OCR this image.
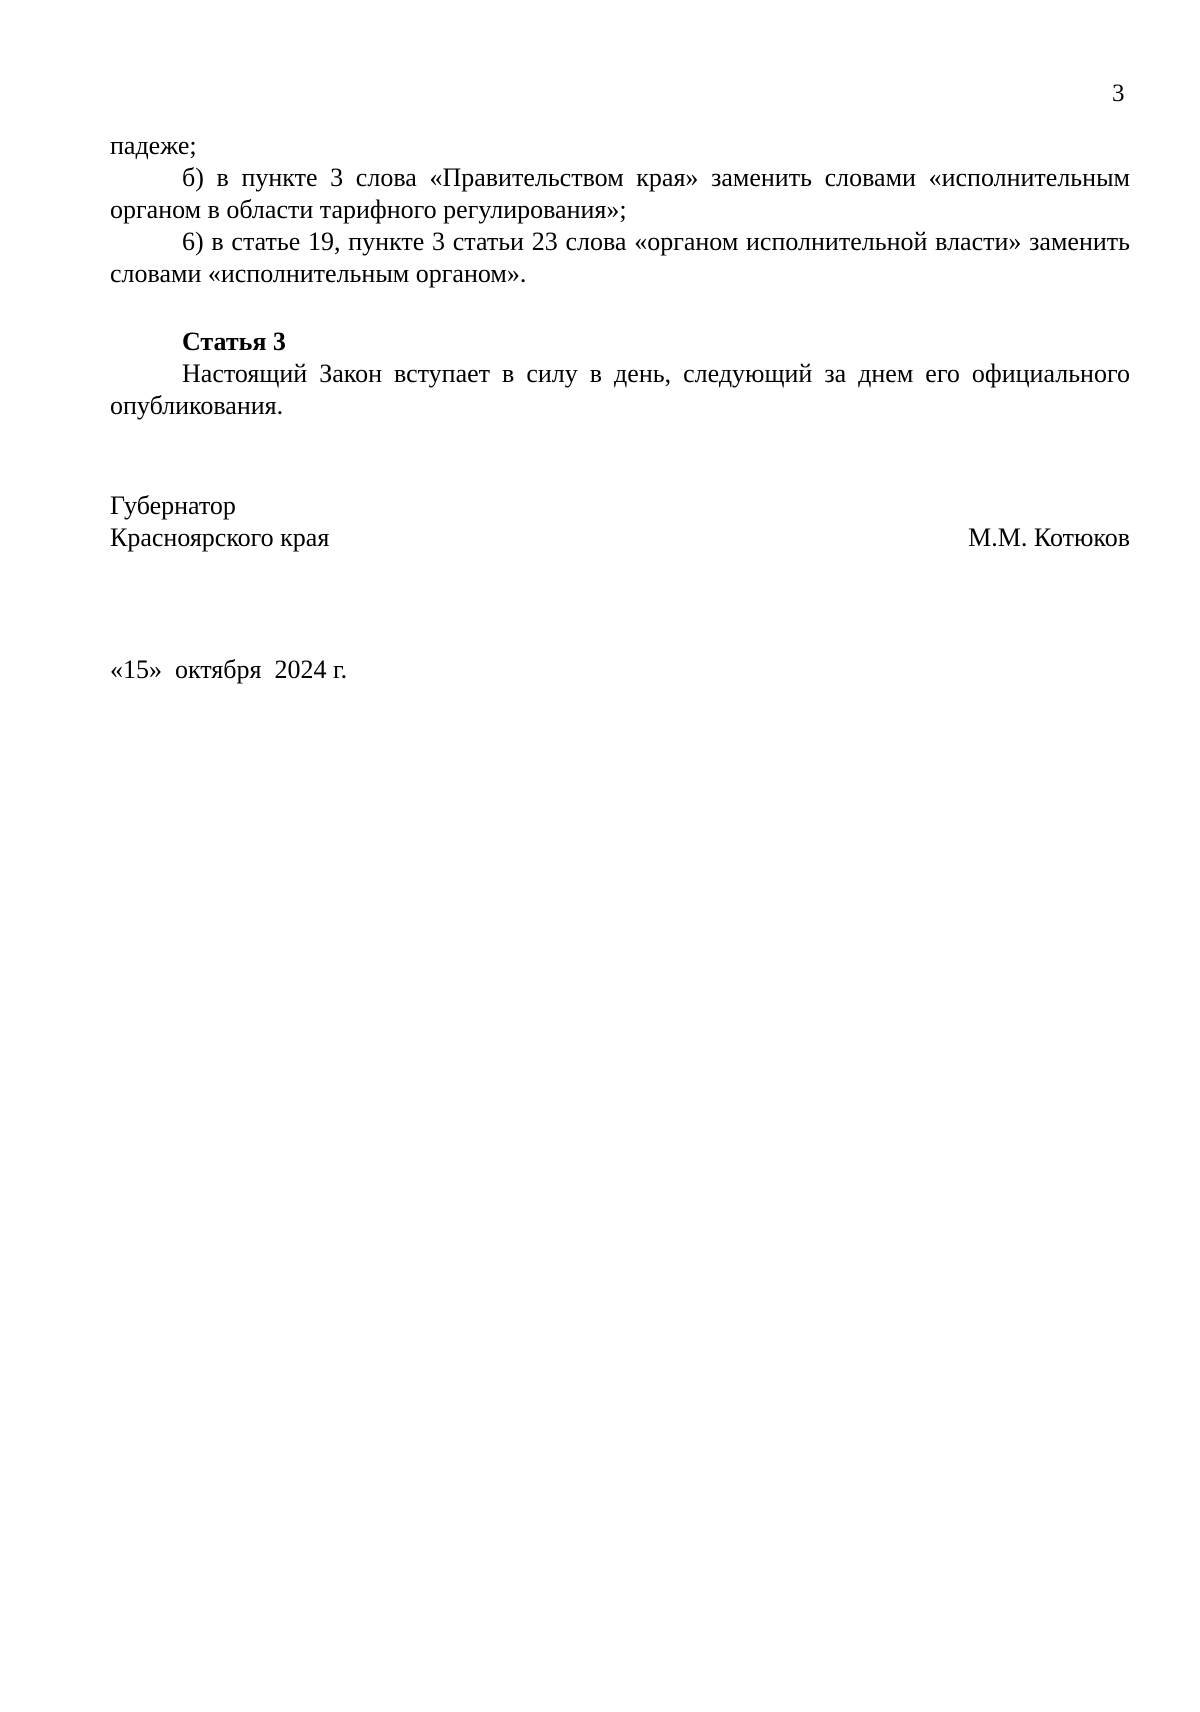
3

падеже;

б) в пункте 3 слова «Правительством края» заменить словами «исполнительным органом в области тарифного регулирования»;

6) в статье 19, пункте 3 статьи 23 слова «органом исполнительной власти» заменить словами «исполнительным органом».

Статья 3

Настоящий Закон вступает в силу в день, следующий за днем его официального опубликования.

Губернатор
Красноярского края	М.М. Котюков
«15»  октября  2024 г.
